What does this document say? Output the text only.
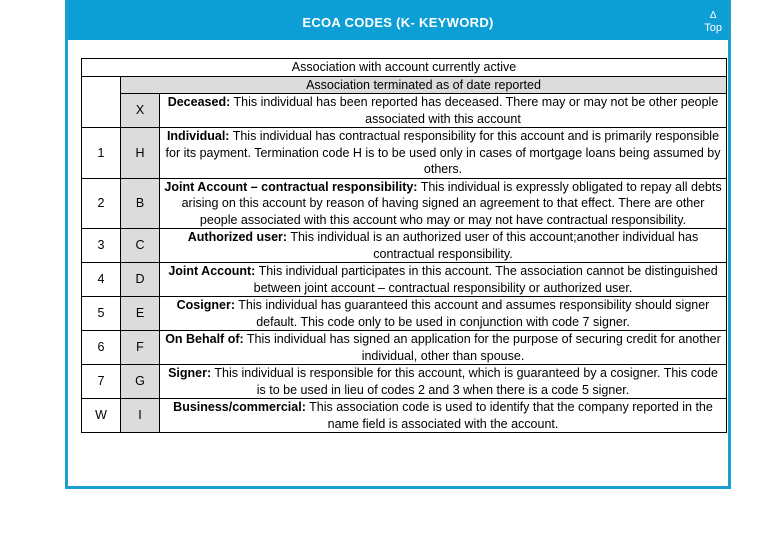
ECOA CODES (K- KEYWORD)	∆
Top
Association with account currently active		
	Association terminated as of date reported	
	X	Deceased: This individual has been reported has deceased. There may or may not be other people associated with this account
1	H	Individual: This individual has contractual responsibility for this account and is primarily responsible for its payment. Termination code H is to be used only in cases of mortgage loans being assumed by others.
2	B	Joint Account – contractual responsibility: This individual is expressly obligated to repay all debts arising on this account by reason of having signed an agreement to that effect. There are other people associated with this account who may or may not have contractual responsibility.
3	C	Authorized user: This individual is an authorized user of this account;another individual has contractual responsibility.
4	D	Joint Account: This individual participates in this account. The association cannot be distinguished between joint account – contractual responsibility or authorized user.
5	E	Cosigner: This individual has guaranteed this account and assumes responsibility should signer default. This code only to be used in conjunction with code 7 signer.
6	F	On Behalf of: This individual has signed an application for the purpose of securing credit for another individual, other than spouse.
7	G	Signer: This individual is responsible for this account, which is guaranteed by a cosigner. This code is to be used in lieu of codes 2 and 3 when there is a code 5 signer.
W	I	Business/commercial: This association code is used to identify that the company reported in the name field is associated with the account.
